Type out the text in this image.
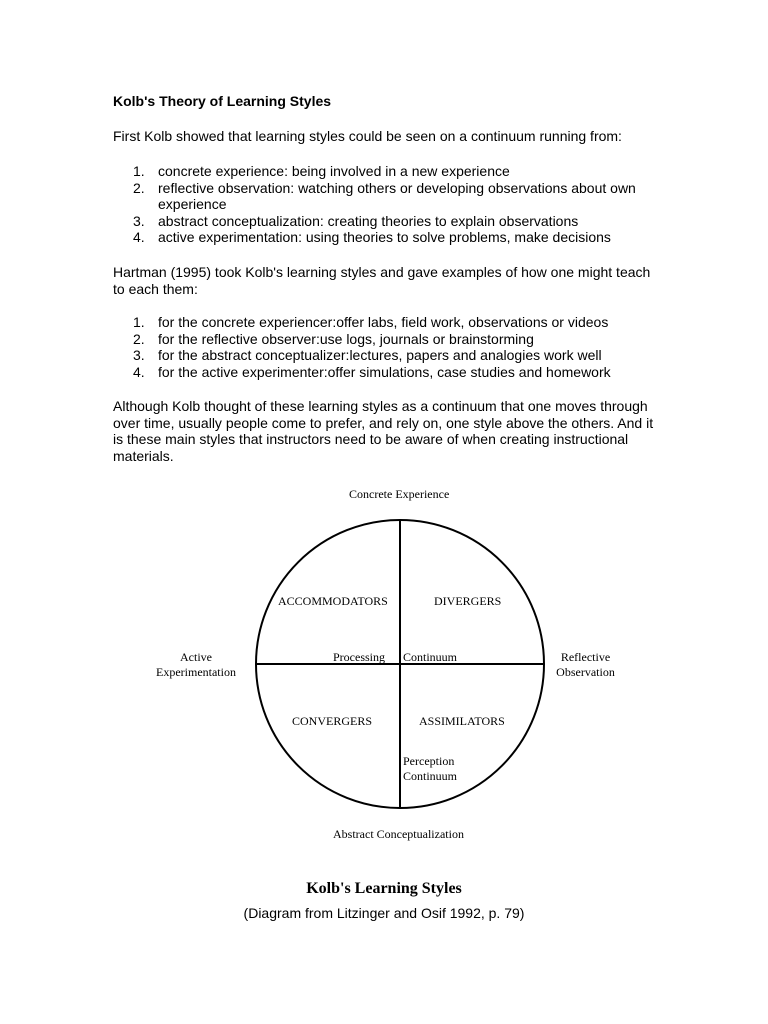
Kolb's Theory of Learning Styles
First Kolb showed that learning styles could be seen on a continuum running from:
1. concrete experience: being involved in a new experience
2. reflective observation: watching others or developing observations about own experience
3. abstract conceptualization: creating theories to explain observations
4. active experimentation: using theories to solve problems, make decisions
Hartman (1995) took Kolb's learning styles and gave examples of how one might teach to each them:
1. for the concrete experiencer:offer labs, field work, observations or videos
2. for the reflective observer:use logs, journals or brainstorming
3. for the abstract conceptualizer:lectures, papers and analogies work well
4. for the active experimenter:offer simulations, case studies and homework
Although Kolb thought of these learning styles as a continuum that one moves through over time, usually people come to prefer, and rely on, one style above the others. And it is these main styles that instructors need to be aware of when creating instructional materials.
Concrete Experience
Abstract Conceptualization
Active
Experimentation
Reflective
Observation
ACCOMMODATORS	DIVERGERS
CONVERGERS	ASSIMILATORS
Processing Continuum
Perception
Continuum
Kolb's Learning Styles
(Diagram from Litzinger and Osif 1992, p. 79)
